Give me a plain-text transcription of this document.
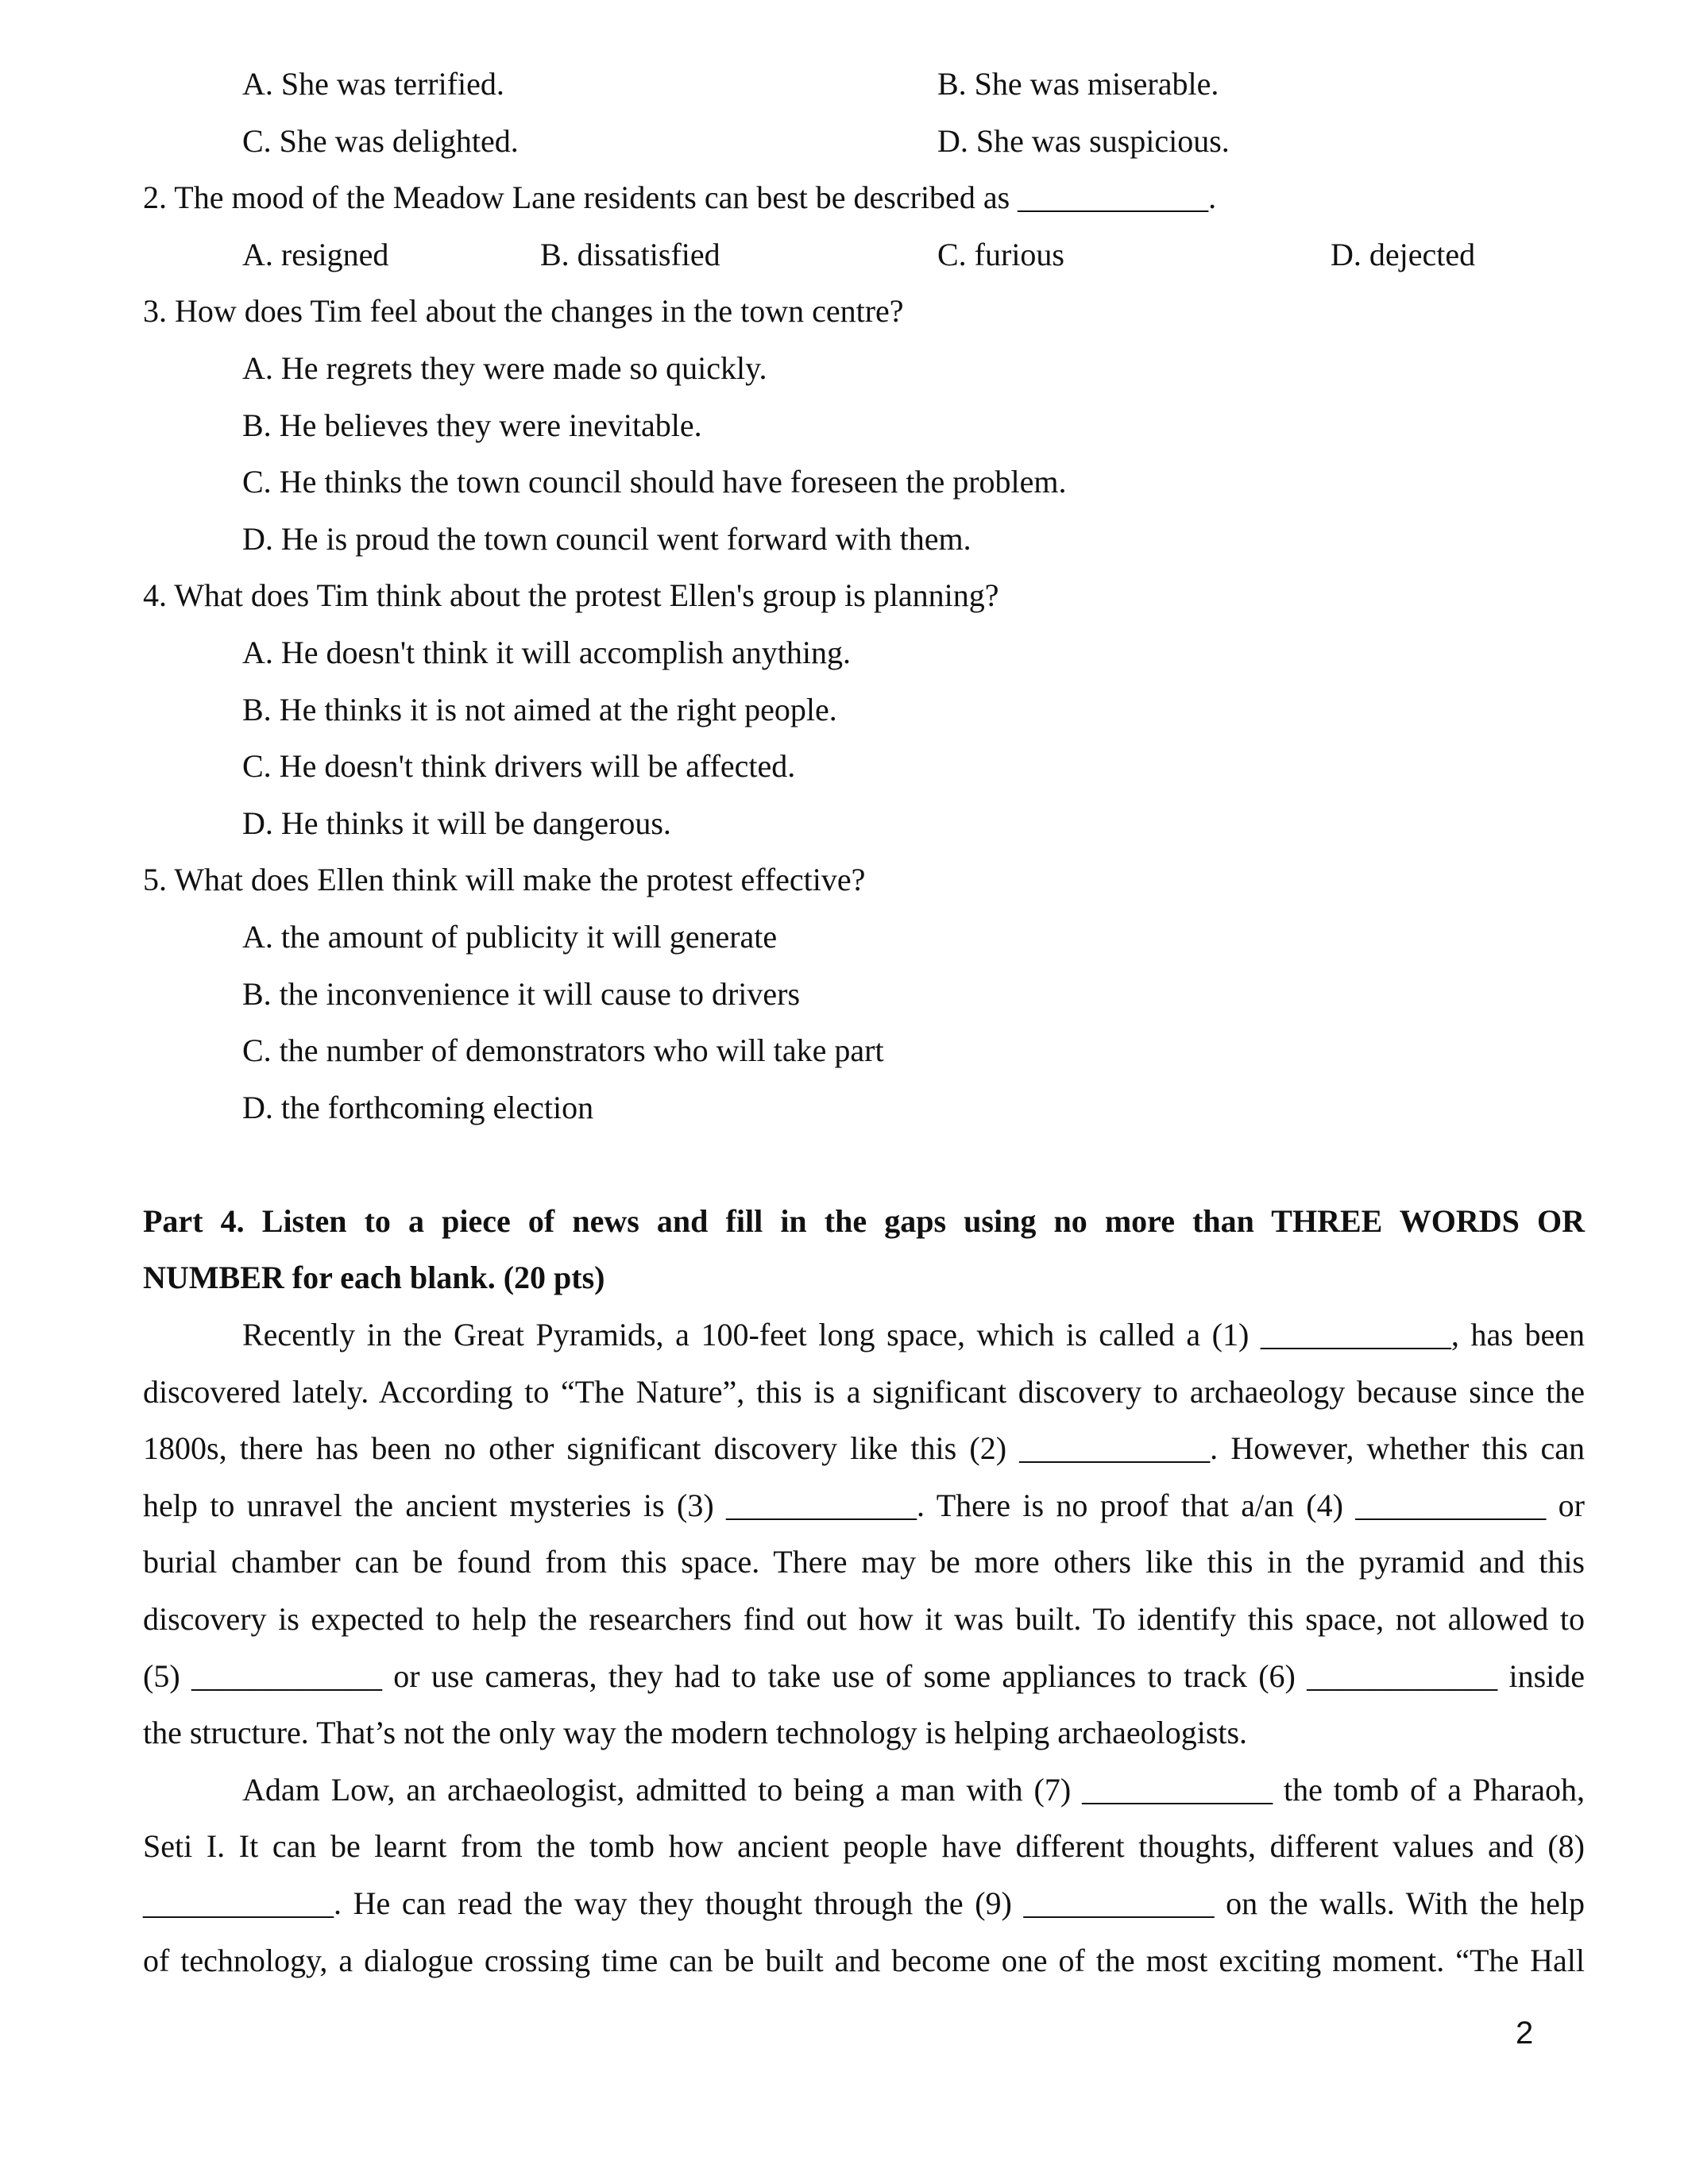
A. She was terrified.	B. She was miserable.
C. She was delighted.	D. She was suspicious.
2. The mood of the Meadow Lane residents can best be described as ____________.
A. resigned	B. dissatisfied	C. furious	D. dejected
3. How does Tim feel about the changes in the town centre?
A. He regrets they were made so quickly.
B. He believes they were inevitable.
C. He thinks the town council should have foreseen the problem.
D. He is proud the town council went forward with them.
4. What does Tim think about the protest Ellen's group is planning?
A. He doesn't think it will accomplish anything.
B. He thinks it is not aimed at the right people.
C. He doesn't think drivers will be affected.
D. He thinks it will be dangerous.
5. What does Ellen think will make the protest effective?
A. the amount of publicity it will generate
B. the inconvenience it will cause to drivers
C. the number of demonstrators who will take part
D. the forthcoming election
Part 4. Listen to a piece of news and fill in the gaps using no more than THREE WORDS OR
NUMBER for each blank. (20 pts)
Recently in the Great Pyramids, a 100-feet long space, which is called a (1) ____________, has been
discovered lately. According to “The Nature”, this is a significant discovery to archaeology because since the
1800s, there has been no other significant discovery like this (2) ____________. However, whether this can
help to unravel the ancient mysteries is (3) ____________. There is no proof that a/an (4) ____________ or
burial chamber can be found from this space. There may be more others like this in the pyramid and this
discovery is expected to help the researchers find out how it was built. To identify this space, not allowed to
(5) ____________ or use cameras, they had to take use of some appliances to track (6) ____________ inside
the structure. That’s not the only way the modern technology is helping archaeologists.
Adam Low, an archaeologist, admitted to being a man with (7) ____________ the tomb of a Pharaoh,
Seti I. It can be learnt from the tomb how ancient people have different thoughts, different values and (8)
____________. He can read the way they thought through the (9) ____________ on the walls. With the help
of technology, a dialogue crossing time can be built and become one of the most exciting moment. “The Hall
2
